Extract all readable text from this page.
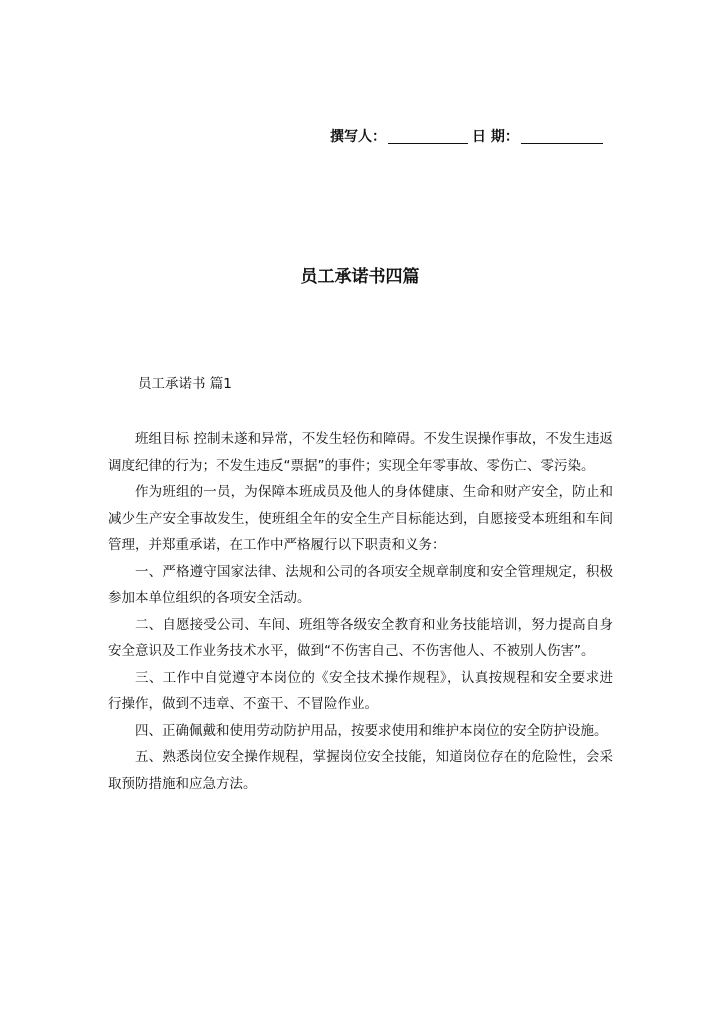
撰写人：	日 期：
员工承诺书四篇
员工承诺书 篇1

班组目标 控制未遂和异常，不发生轻伤和障碍。不发生误操作事故，不发生违返调度纪律的行为；不发生违反“票据”的事件；实现全年零事故、零伤亡、零污染。

作为班组的一员，为保障本班成员及他人的身体健康、生命和财产安全，防止和减少生产安全事故发生，使班组全年的安全生产目标能达到，自愿接受本班组和车间管理，并郑重承诺，在工作中严格履行以下职责和义务：

一、严格遵守国家法律、法规和公司的各项安全规章制度和安全管理规定，积极参加本单位组织的各项安全活动。

二、自愿接受公司、车间、班组等各级安全教育和业务技能培训，努力提高自身安全意识及工作业务技术水平，做到“不伤害自己、不伤害他人、不被别人伤害”。

三、工作中自觉遵守本岗位的《安全技术操作规程》，认真按规程和安全要求进行操作，做到不违章、不蛮干、不冒险作业。

四、正确佩戴和使用劳动防护用品，按要求使用和维护本岗位的安全防护设施。

五、熟悉岗位安全操作规程，掌握岗位安全技能，知道岗位存在的危险性，会采取预防措施和应急方法。
